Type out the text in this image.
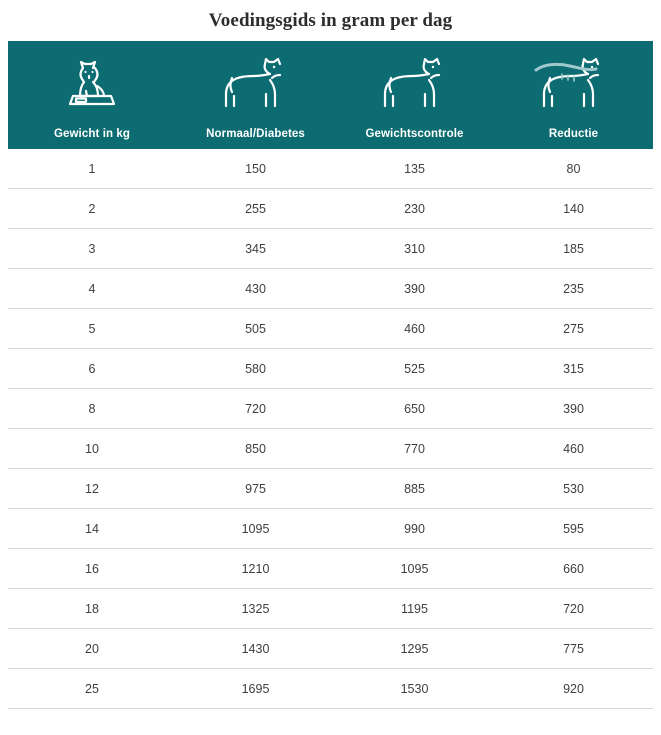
Voedingsgids in gram per dag
Gewicht in kg	Normaal/Diabetes	Gewichtscontrole	Reductie

1	150	135	80
2	255	230	140
3	345	310	185
4	430	390	235
5	505	460	275
6	580	525	315
8	720	650	390
10	850	770	460
12	975	885	530
14	1095	990	595
16	1210	1095	660
18	1325	1195	720
20	1430	1295	775
25	1695	1530	920
